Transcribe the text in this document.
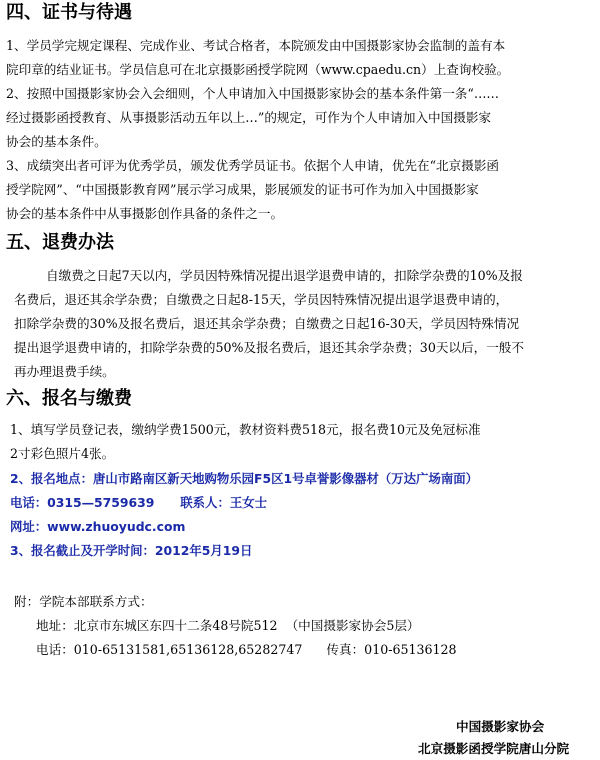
四、证书与待遇
1、学员学完规定课程、完成作业、考试合格者，本院颁发由中国摄影家协会监制的盖有本
院印章的结业证书。学员信息可在北京摄影函授学院网（www.cpaedu.cn）上查询校验。
2、按照中国摄影家协会入会细则，个人申请加入中国摄影家协会的基本条件第一条“……
经过摄影函授教育、从事摄影活动五年以上…”的规定，可作为个人申请加入中国摄影家
协会的基本条件。
3、成绩突出者可评为优秀学员，颁发优秀学员证书。依据个人申请，优先在“北京摄影函
授学院网”、“中国摄影教育网”展示学习成果，影展颁发的证书可作为加入中国摄影家
协会的基本条件中从事摄影创作具备的条件之一。
五、退费办法
自缴费之日起7天以内，学员因特殊情况提出退学退费申请的，扣除学杂费的10%及报
名费后，退还其余学杂费；自缴费之日起8-15天，学员因特殊情况提出退学退费申请的，
扣除学杂费的30%及报名费后，退还其余学杂费；自缴费之日起16-30天，学员因特殊情况
提出退学退费申请的，扣除学杂费的50%及报名费后，退还其余学杂费；30天以后，一般不
再办理退费手续。
六、报名与缴费
1、填写学员登记表，缴纳学费1500元，教材资料费518元，报名费10元及免冠标准
2寸彩色照片4张。
2、报名地点：唐山市路南区新天地购物乐园F5区1号卓誉影像器材（万达广场南面）
电话：0315—5759639      联系人：王女士
网址：www.zhuoyudc.com
3、报名截止及开学时间：2012年5月19日
附：学院本部联系方式：
地址：北京市东城区东四十二条48号院512  （中国摄影家协会5层）
电话：010-65131581,65136128,65282747      传真：010-65136128
中国摄影家协会
北京摄影函授学院唐山分院
